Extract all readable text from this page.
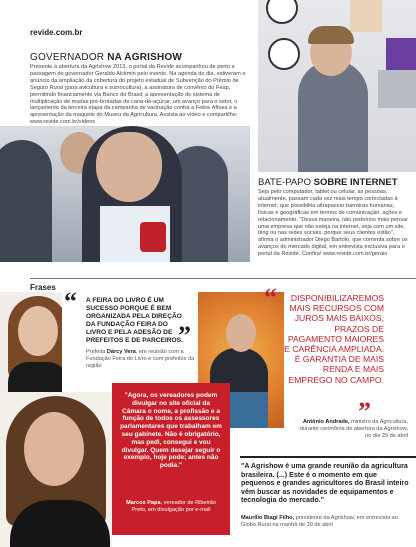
revide.com.br
GOVERNADOR NA AGRISHOW
Presente à abertura da Agrishow 2013, o portal da Revide acompanhou de perto a passagem do governador Geraldo Alckmin pelo evento. Na agenda do dia, estiveram o anúncio da ampliação da cobertura do projeto estadual de Subvenção do Prêmio de Seguro Rural (para avicultura e suinocultura), a assinatura de convênio do Feap, permitindo financiamento via Banco do Brasil; a apresentação do sistema de multiplicação de mudas pré-brotadas de cana-de-açúcar, um avanço para o setor, o lançamento da terceira etapa da campanha de vacinação contra a Febre Aftosa e a apresentação da maquete do Museu da Agricultura. Assista ao vídeo e compartilhe: www.revide.com.br/videos
BATE-PAPO SOBRE INTERNET
Seja pelo computador, tablet ou celular, as pessoas, atualmente, passam cada vez mais tempo conectadas à internet, que possibilita ultrapassar barreiras humanas, físicas e geográficas em termos de comunicação, ações e relacionamento. "Dessa maneira, não podemos mais pensar uma empresa que não esteja na internet, seja com um site, blog ou nas redes sociais, porque seus clientes estão", afirma o administrador Diego Bartolo, que comenta sobre os avanços do mercado digital, em entrevista exclusiva para o portal da Revide. Confira! www.revide.com.br/gerais
Frases “ A FEIRA DO LIVRO É UM SUCESSO PORQUE É BEM ORGANIZADA PELA DIREÇÃO DA FUNDAÇÃO FEIRA DO LIVRO E PELA ADESÃO DE PREFEITOS E DE PARCEIROS.
”
Prefeita Dárcy Vera, em reunião com a Fundação Feira do Livro e com prefeitos da região
“	DISPONIBILIZAREMOS MAIS RECURSOS COM JUROS MAIS BAIXOS, PRAZOS DE PAGAMENTO MAIORES E CARÊNCIA AMPLIADA. É GARANTIA DE MAIS RENDA E MAIS EMPREGO NO CAMPO.
”
Antônio Andrade, ministro da Agricultura, durante cerimônia de abertura da Agrishow, no dia 29 de abril
"Agora, os vereadores podem divulgar no site oficial da Câmara o nome, a profissão e a função de todos os assessores parlamentares que trabalham em seu gabinete. Não é obrigatório, mas pedi, consegui e vou divulgar. Quem desejar seguir o exemplo, hoje pode; antes não podia."
Marcos Papa, vereador de Ribeirão Preto, em divulgação por e-mail
"A Agrishow é uma grande reunião da agricultura brasileira. (...) Este é o momento em que pequenos e grandes agricultores do Brasil inteiro vêm buscar as novidades de equipamentos e tecnologia do mercado."
Maurílio Biagi Filho, presidente da Agrishow, em entrevista ao Globo Rural na manhã de 30 de abril
